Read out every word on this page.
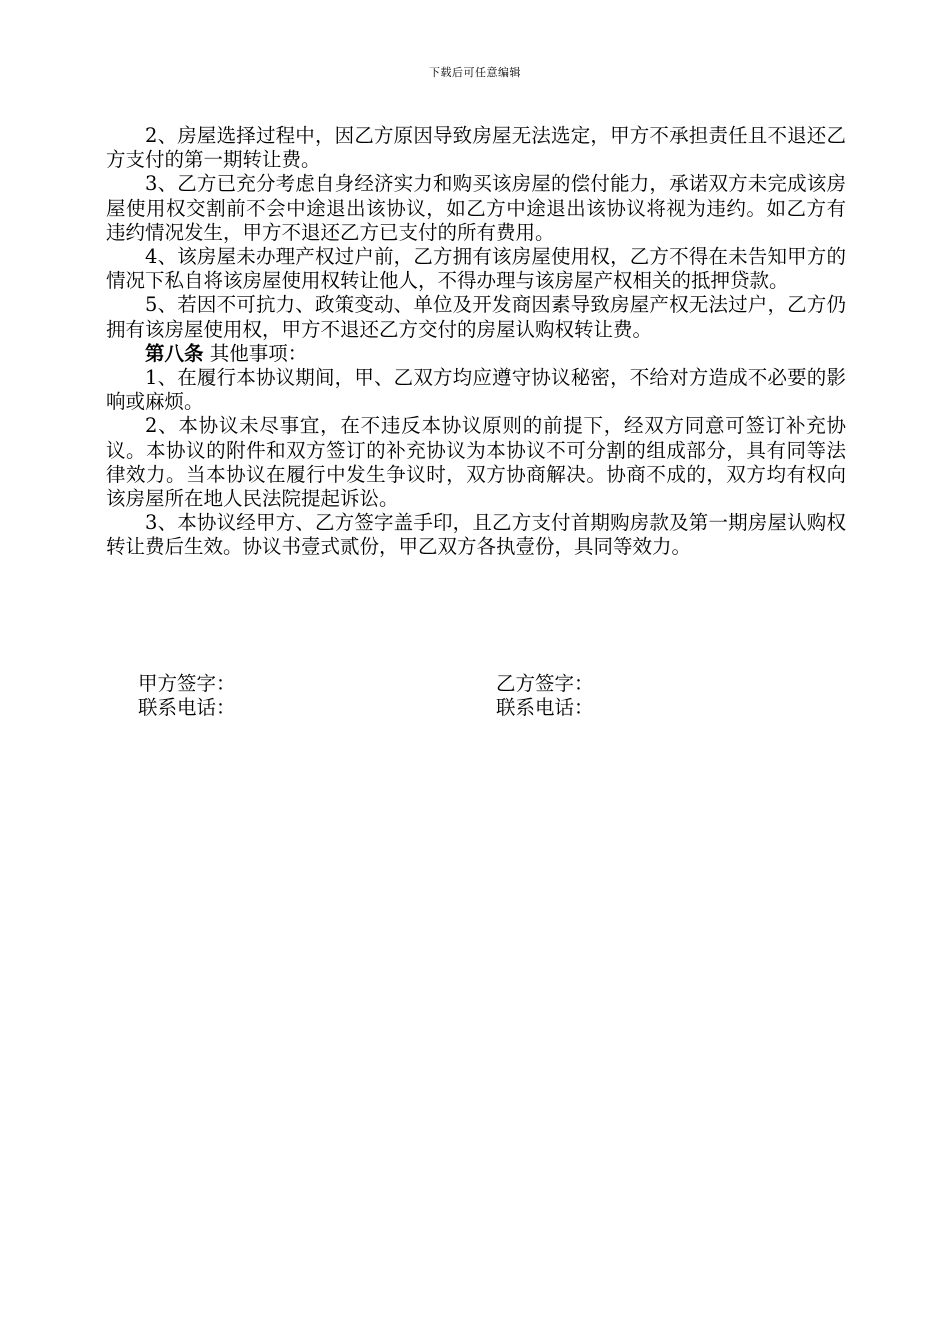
下载后可任意编辑

2、房屋选择过程中，因乙方原因导致房屋无法选定，甲方不承担责任且不退还乙方支付的第一期转让费。

3、乙方已充分考虑自身经济实力和购买该房屋的偿付能力，承诺双方未完成该房屋使用权交割前不会中途退出该协议，如乙方中途退出该协议将视为违约。如乙方有违约情况发生，甲方不退还乙方已支付的所有费用。

4、该房屋未办理产权过户前，乙方拥有该房屋使用权，乙方不得在未告知甲方的情况下私自将该房屋使用权转让他人，不得办理与该房屋产权相关的抵押贷款。

5、若因不可抗力、政策变动、单位及开发商因素导致房屋产权无法过户，乙方仍拥有该房屋使用权，甲方不退还乙方交付的房屋认购权转让费。

第八条 其他事项：

1、在履行本协议期间，甲、乙双方均应遵守协议秘密，不给对方造成不必要的影响或麻烦。

2、本协议未尽事宜，在不违反本协议原则的前提下，经双方同意可签订补充协议。本协议的附件和双方签订的补充协议为本协议不可分割的组成部分，具有同等法律效力。当本协议在履行中发生争议时，双方协商解决。协商不成的，双方均有权向该房屋所在地人民法院提起诉讼。

3、本协议经甲方、乙方签字盖手印，且乙方支付首期购房款及第一期房屋认购权转让费后生效。协议书壹式贰份，甲乙双方各执壹份，具同等效力。

甲方签字：	乙方签字：
联系电话：	联系电话：
